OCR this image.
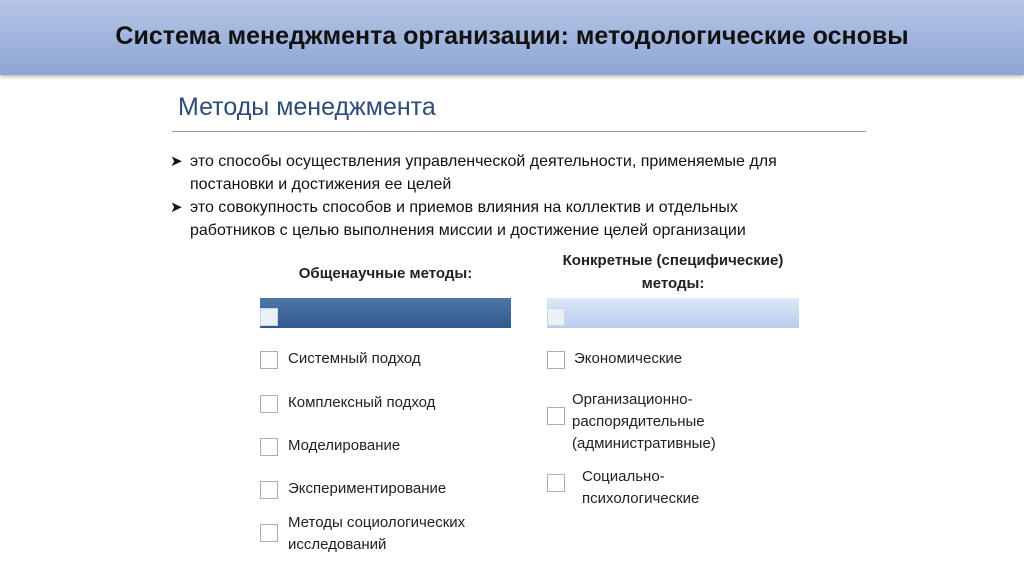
Система менеджмента организации: методологические основы
Методы менеджмента
➤ это способы осуществления управленческой деятельности, применяемые для
постановки и достижения ее целей
➤ это совокупность способов и приемов влияния на коллектив и отдельных
работников с целью выполнения миссии и достижение целей организации
Общенаучные методы:
Системный подход
Комплексный подход
Моделирование
Экспериментирование
Методы социологических
исследований
Конкретные (специфические)
методы:
Экономические
Организационно-
распорядительные
(административные)
Социально-
психологические
